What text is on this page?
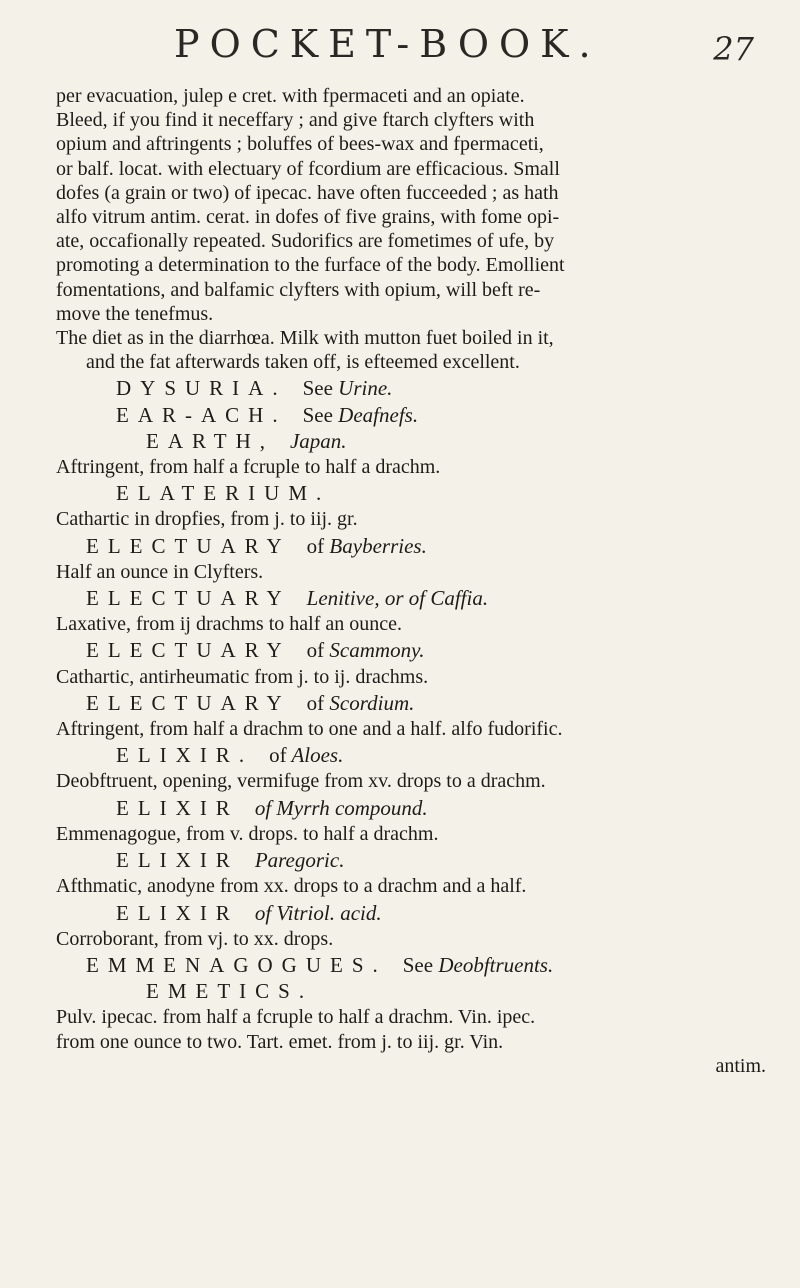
POCKET-BOOK.	27
per evacuation, julep e cret. with fpermaceti and an opiate.
Bleed, if you find it neceffary ; and give ftarch clyfters with
opium and aftringents ; boluffes of bees-wax and fpermaceti,
or balf. locat. with electuary of fcordium are efficacious. Small
dofes (a grain or two) of ipecac. have often fucceeded ; as hath
alfo vitrum antim. cerat. in dofes of five grains, with fome opi-
ate, occafionally repeated. Sudorifics are fometimes of ufe, by
promoting a determination to the furface of the body. Emollient
fomentations, and balfamic clyfters with opium, will beft re-
move the tenefmus.
The diet as in the diarrhœa. Milk with mutton fuet boiled in it,
and the fat afterwards taken off, is efteemed excellent.
DYSURIA. See Urine.
EAR-ACH. See Deafnefs.
EARTH, Japan.
Aftringent, from half a fcruple to half a drachm.
ELATERIUM.
Cathartic in dropfies, from j. to iij. gr.
ELECTUARY of Bayberries.
Half an ounce in Clyfters.
ELECTUARY Lenitive, or of Caffia.
Laxative, from ij drachms to half an ounce.
ELECTUARY of Scammony.
Cathartic, antirheumatic from j. to ij. drachms.
ELECTUARY of Scordium.
Aftringent, from half a drachm to one and a half. alfo fudorific.
ELIXIR. of Aloes.
Deobftruent, opening, vermifuge from xv. drops to a drachm.
ELIXIR of Myrrh compound.
Emmenagogue, from v. drops. to half a drachm.
ELIXIR Paregoric.
Afthmatic, anodyne from xx. drops to a drachm and a half.
ELIXIR of Vitriol. acid.
Corroborant, from vj. to xx. drops.
EMMENAGOGUES. See Deobftruents.
EMETICS.
Pulv. ipecac. from half a fcruple to half a drachm. Vin. ipec.
from one ounce to two. Tart. emet. from j. to iij. gr. Vin.
antim.
